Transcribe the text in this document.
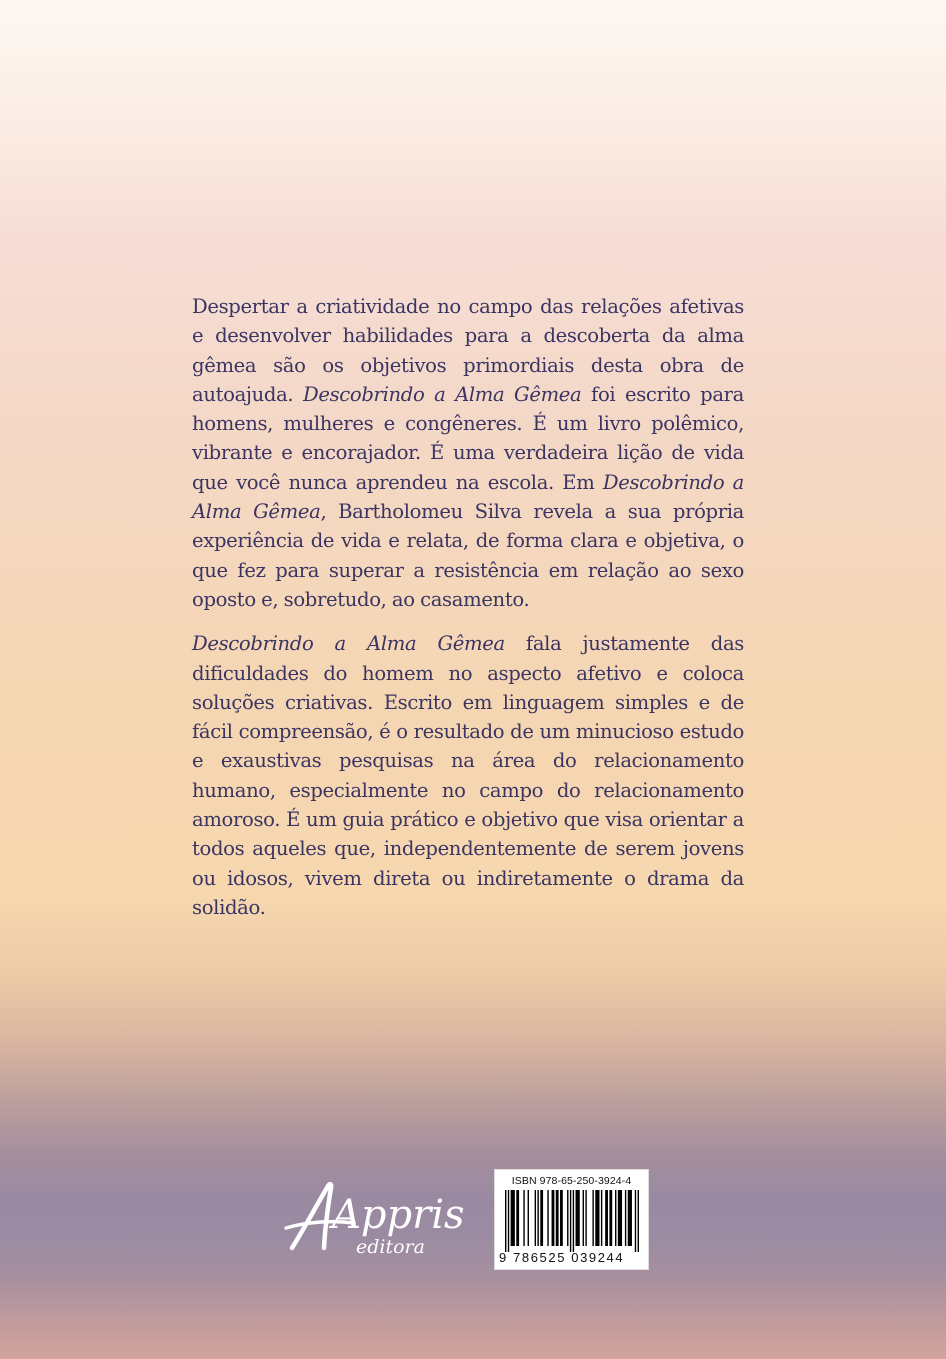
Despertar a criatividade no campo das relações afetivas e desenvolver habilidades para a descoberta da alma gêmea são os objetivos primordiais desta obra de autoajuda. Descobrindo a Alma Gêmea foi escrito para homens, mulheres e congêneres. É um livro polêmico, vibrante e encorajador. É uma verdadeira lição de vida que você nunca aprendeu na escola. Em Descobrindo a Alma Gêmea, Bartholomeu Silva revela a sua própria experiência de vida e relata, de forma clara e objetiva, o que fez para superar a resistência em relação ao sexo oposto e, sobretudo, ao casamento.

Descobrindo a Alma Gêmea fala justamente das dificuldades do homem no aspecto afetivo e coloca soluções criativas. Escrito em linguagem simples e de fácil compreensão, é o resultado de um minucioso estudo e exaustivas pesquisas na área do relacionamento humano, especialmente no campo do relacionamento amoroso. É um guia prático e objetivo que visa orientar a todos aqueles que, independentemente de serem jovens ou idosos, vivem direta ou indiretamente o drama da solidão.

Appris
editora
ISBN 978-65-250-3924-4
9 786525 039244
